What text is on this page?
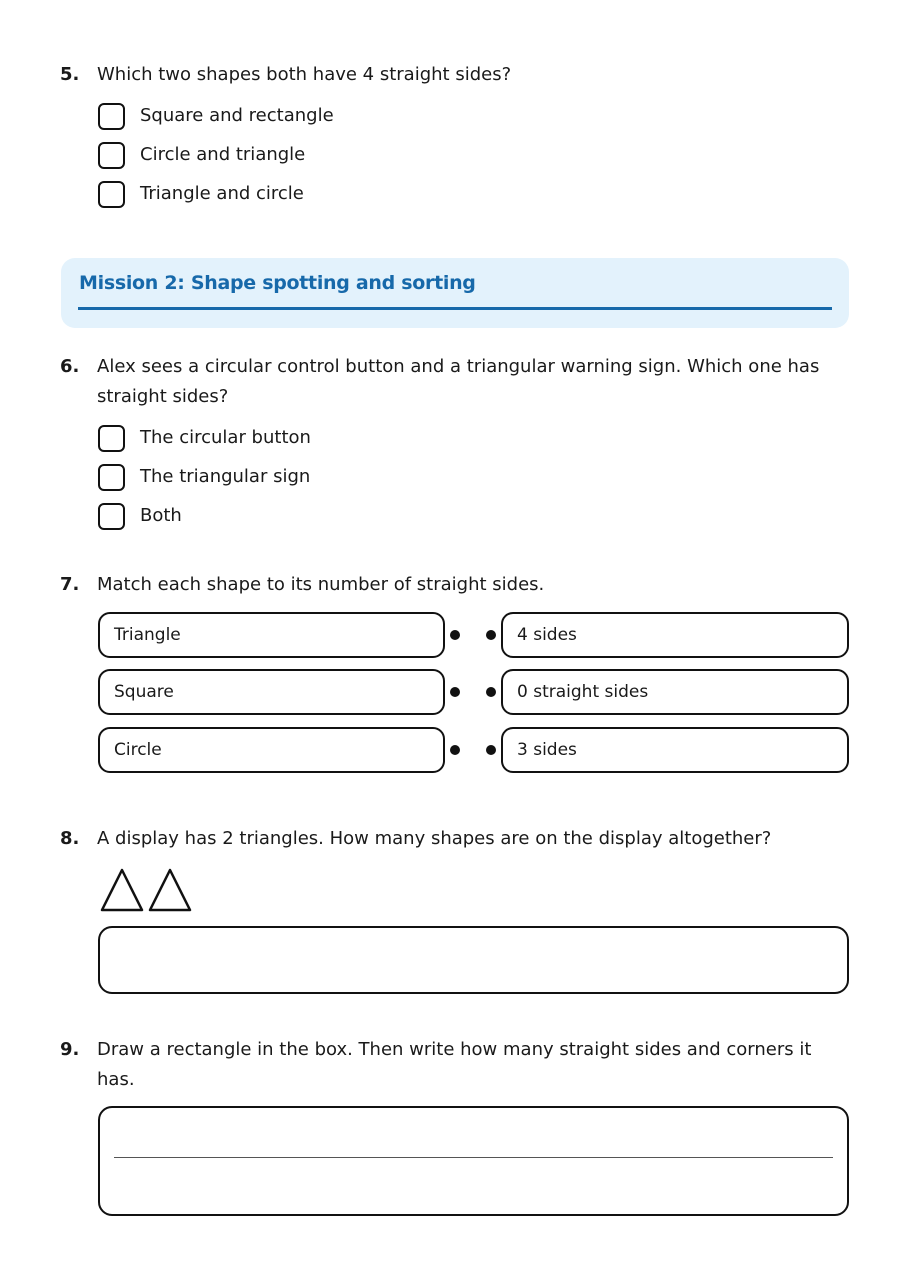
5. Which two shapes both have 4 straight sides?
Square and rectangle
Circle and triangle
Triangle and circle
Mission 2: Shape spotting and sorting
6. Alex sees a circular control button and a triangular warning sign. Which one has straight sides?
The circular button
The triangular sign
Both
7. Match each shape to its number of straight sides.
Triangle	4 sides
Square	0 straight sides
Circle	3 sides
8. A display has 2 triangles. How many shapes are on the display altogether?
9. Draw a rectangle in the box. Then write how many straight sides and corners it has.
